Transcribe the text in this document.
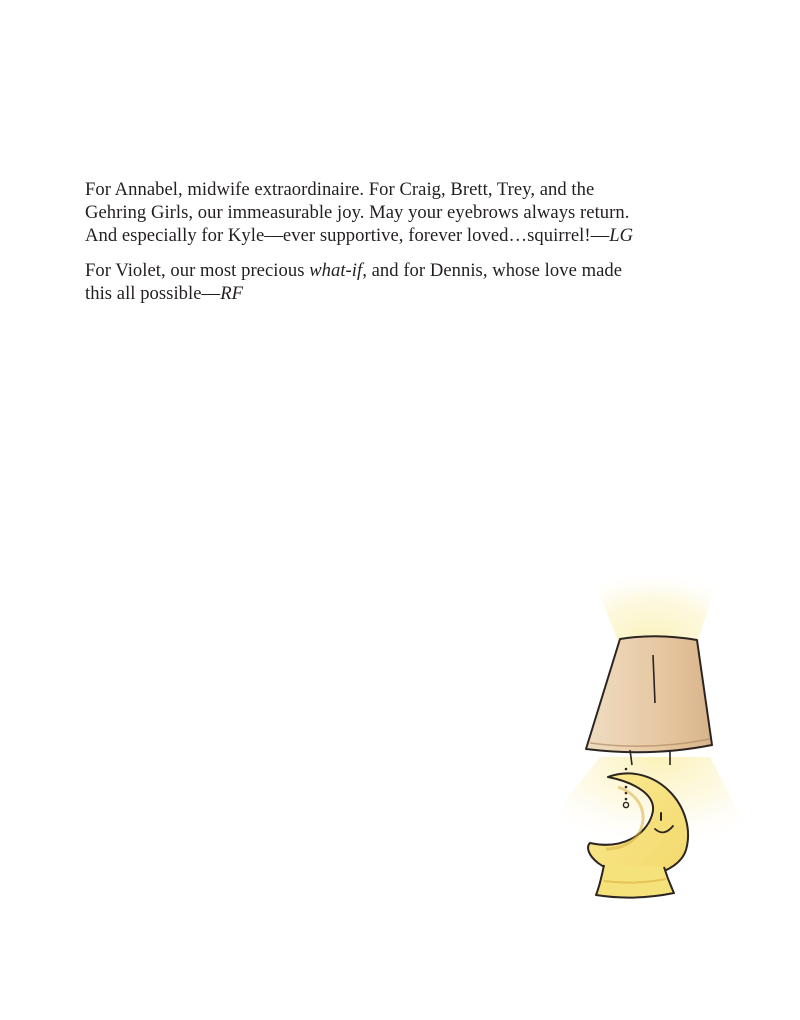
For Annabel, midwife extraordinaire. For Craig, Brett, Trey, and the
Gehring Girls, our immeasurable joy. May your eyebrows always return.
And especially for Kyle—ever supportive, forever loved…squirrel!—LG

For Violet, our most precious what-if, and for Dennis, whose love made
this all possible—RF
